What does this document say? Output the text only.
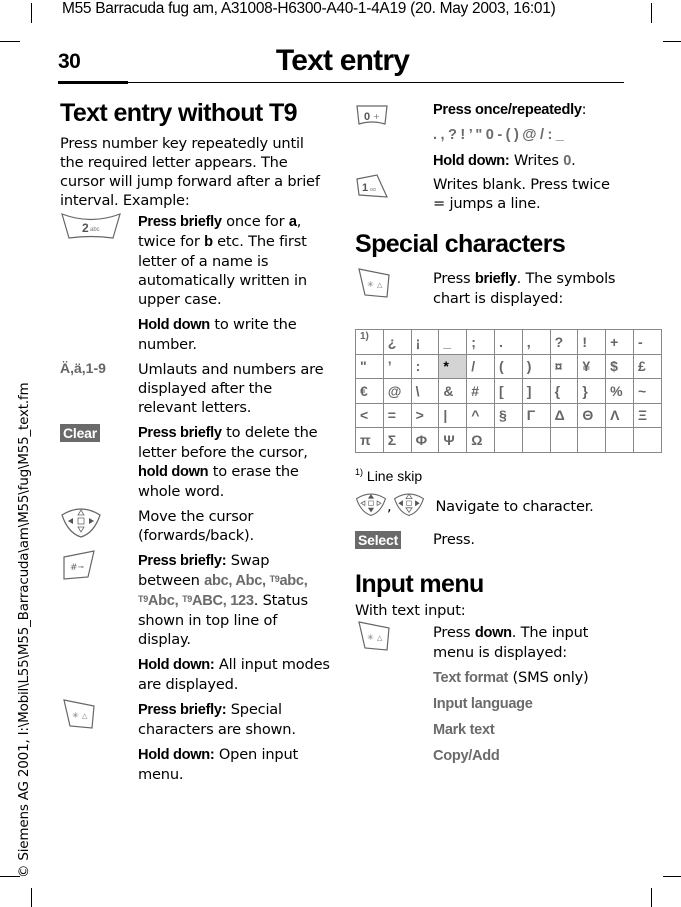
M55 Barracuda fug am, A31008-H6300-A40-1-4A19 (20. May 2003, 16:01)
30	Text entry
© Siemens AG 2001, I:\Mobil\L55\M55_Barracuda\am\M55\fug\M55_text.fm
Text entry without T9

Press number key repeatedly until the required letter appears. The cursor will jump forward after a brief interval. Example:

2 abc	Press briefly once for a, twice for b etc. The first letter of a name is automatically written in upper case.

Hold down to write the number.

Ä,ä,1-9 Umlauts and numbers are displayed after the relevant letters.

Clear	Press briefly to delete the letter before the cursor, hold down to erase the whole word.

Move the cursor (forwards/back).

# ⊸	Press briefly: Swap between abc, Abc, $^{T9}$abc, $^{T9}$Abc, $^{T9}$ABC, 123. Status shown in top line of display.

Hold down: All input modes are displayed.

✳ △	Press briefly: Special characters are shown.

Hold down: Open input menu.

0 +	Press once/repeatedly:

. , ? ! ’ " 0 - ( ) @ / : _

Hold down: Writes 0.

1 oo	Writes blank. Press twice = jumps a line.

Special characters
✳ △	Press briefly. The symbols chart is displayed:

$^{1)}$	¿	¡	_	;	.	,	?	!	+	-
"	’	:	*	/	(	)	¤	¥	$	£
€	@	\	&	#	[	]	{	}	%	~
<	=	>	|	^	§	Γ	Δ	Θ	Λ	Ξ
π	Σ	Φ	Ψ	Ω						

$^{1)}$ Line skip

,	Navigate to character.
Select Press.

Input menu

With text input:

✳ △	Press down. The input menu is displayed:

Text format (SMS only)

Input language

Mark text

Copy/Add
